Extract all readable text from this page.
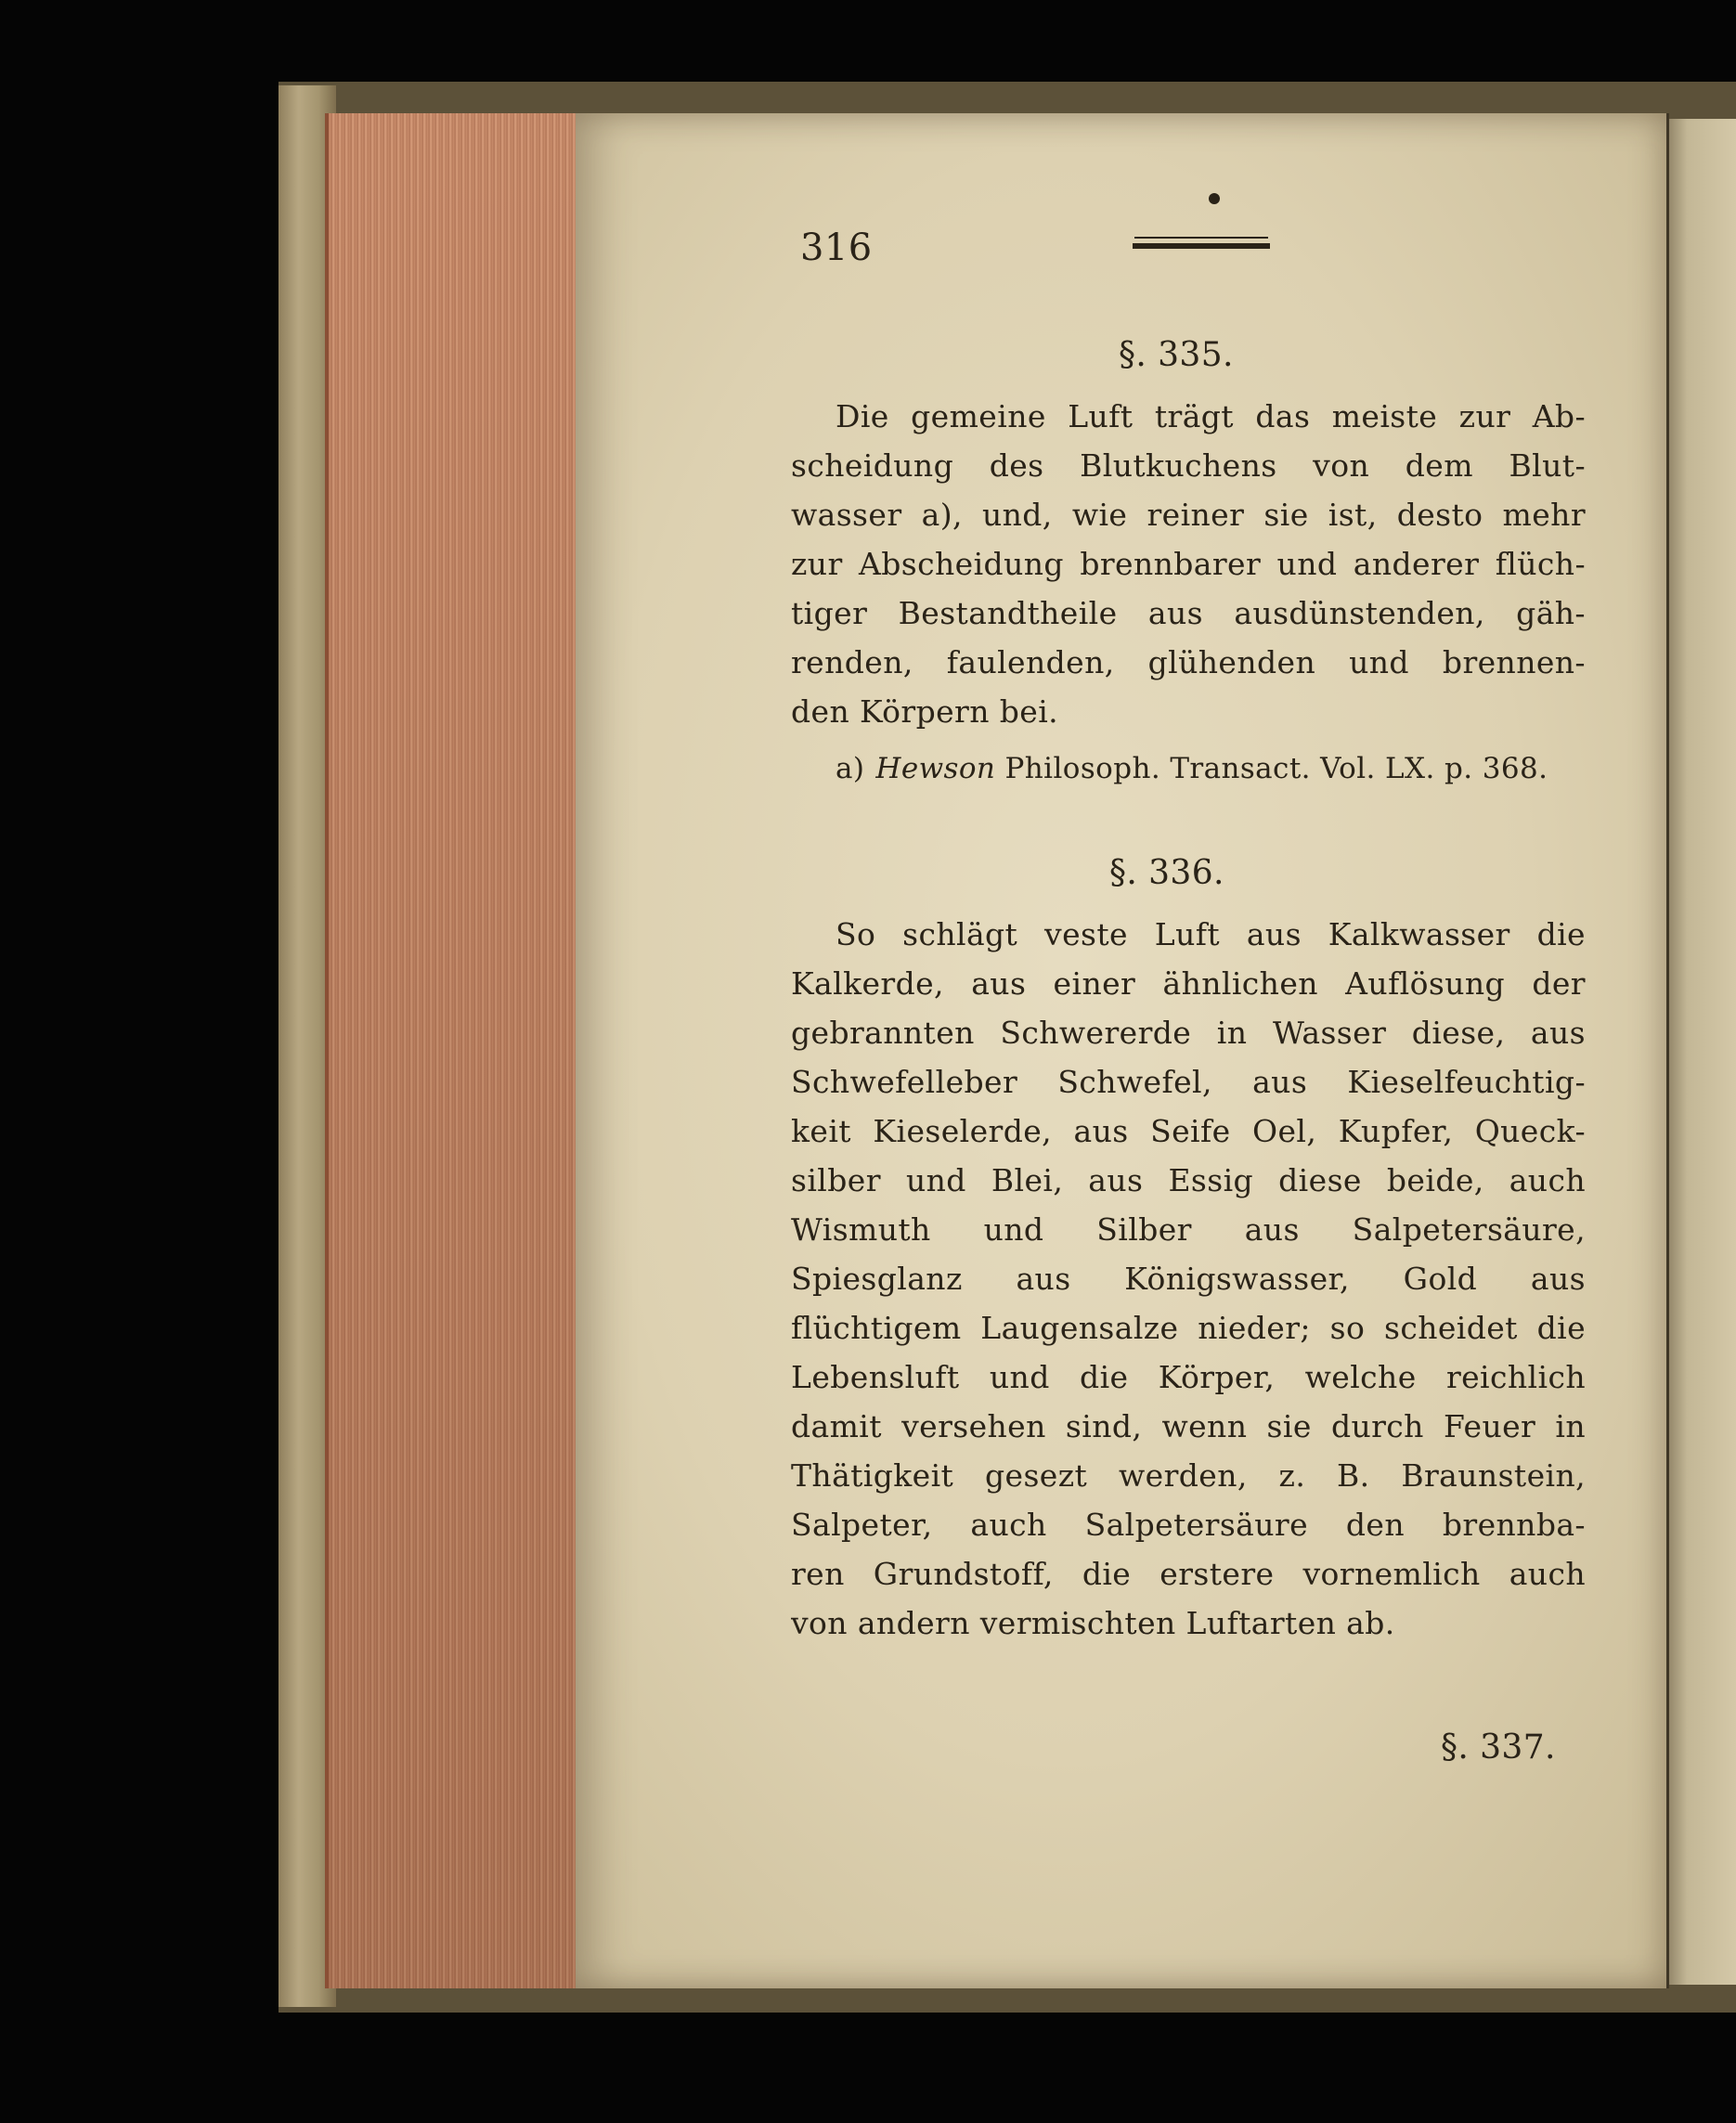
316

§. 335.
Die gemeine Luft trägt das meiste zur Ab-
scheidung des Blutkuchens von dem Blut-
wasser a), und, wie reiner sie ist, desto mehr
zur Abscheidung brennbarer und anderer flüch-
tiger Bestandtheile aus ausdünstenden, gäh-
renden, faulenden, glühenden und brennen-
den Körpern bei.

a) Hewson Philosoph. Transact. Vol. LX. p. 368.

§. 336.
So schlägt veste Luft aus Kalkwasser die
Kalkerde, aus einer ähnlichen Auflösung der
gebrannten Schwererde in Wasser diese, aus
Schwefelleber Schwefel, aus Kieselfeuchtig-
keit Kieselerde, aus Seife Oel, Kupfer, Queck-
silber und Blei, aus Essig diese beide, auch
Wismuth und Silber aus Salpetersäure,
Spiesglanz aus Königswasser, Gold aus
flüchtigem Laugensalze nieder; so scheidet die
Lebensluft und die Körper, welche reichlich
damit versehen sind, wenn sie durch Feuer in
Thätigkeit gesezt werden, z. B. Braunstein,
Salpeter, auch Salpetersäure den brennba-
ren Grundstoff, die erstere vornemlich auch
von andern vermischten Luftarten ab.

§. 337.
